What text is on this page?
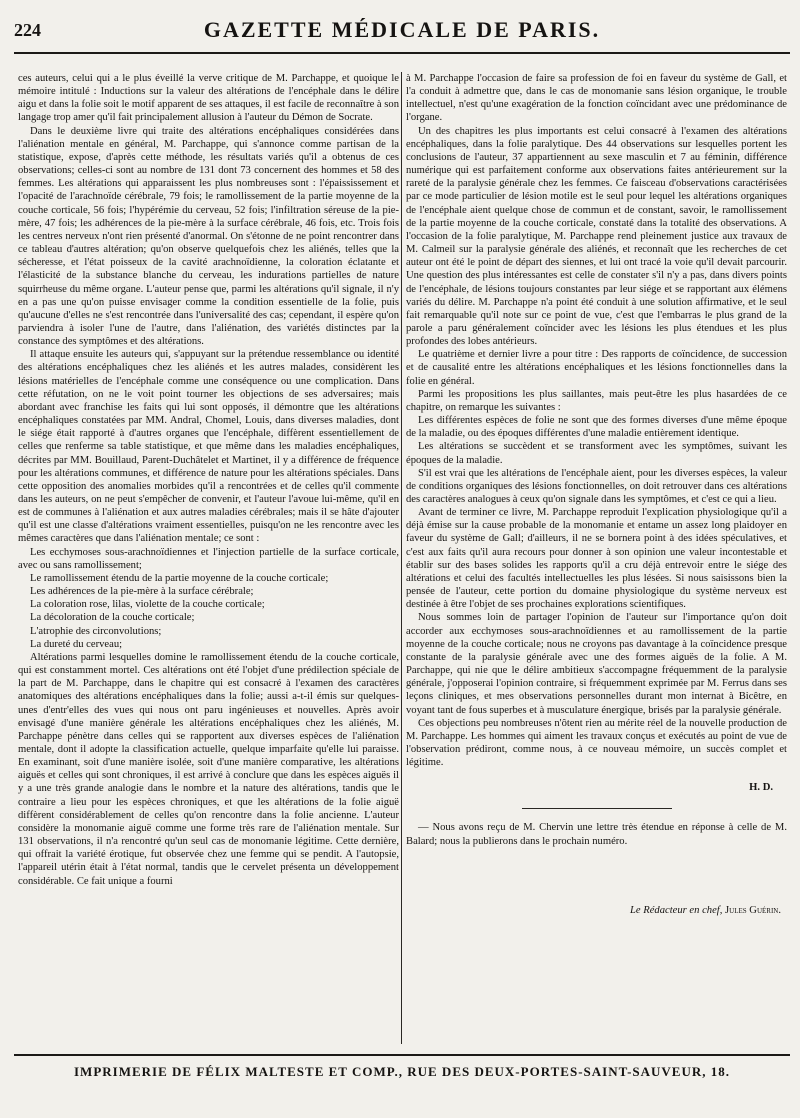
224	GAZETTE MÉDICALE DE PARIS.

ces auteurs, celui qui a le plus éveillé la verve critique de M. Parchappe, et quoique le mémoire intitulé : Inductions sur la valeur des altérations de l'encéphale dans le délire aigu et dans la folie soit le motif apparent de ses attaques, il est facile de reconnaître à son langage trop amer qu'il fait principalement allusion à l'auteur du Démon de Socrate.

Dans le deuxième livre qui traite des altérations encéphaliques considérées dans l'aliénation mentale en général, M. Parchappe, qui s'annonce comme partisan de la statistique, expose, d'après cette méthode, les résultats variés qu'il a obtenus de ces observations; celles-ci sont au nombre de 131 dont 73 concernent des hommes et 58 des femmes. Les altérations qui apparaissent les plus nombreuses sont : l'épaississement et l'opacité de l'arachnoïde cérébrale, 79 fois; le ramollissement de la partie moyenne de la couche corticale, 56 fois; l'hypérémie du cerveau, 52 fois; l'infiltration séreuse de la pie-mère, 47 fois; les adhérences de la pie-mère à la surface cérébrale, 46 fois, etc. Trois fois les centres nerveux n'ont rien présenté d'anormal. On s'étonne de ne point rencontrer dans ce tableau d'autres altération; qu'on observe quelquefois chez les aliénés, telles que la sécheresse, et l'état poisseux de la cavité arachnoïdienne, la coloration éclatante et l'élasticité de la substance blanche du cerveau, les indurations partielles de nature squirrheuse du même organe. L'auteur pense que, parmi les altérations qu'il signale, il n'y en a pas une qu'on puisse envisager comme la condition essentielle de la folie, puis qu'aucune d'elles ne s'est rencontrée dans l'universalité des cas; cependant, il espère qu'on parviendra à isoler l'une de l'autre, dans l'aliénation, des variétés distinctes par la constance des symptômes et des altérations.

Il attaque ensuite les auteurs qui, s'appuyant sur la prétendue ressemblance ou identité des altérations encéphaliques chez les aliénés et les autres malades, considèrent les lésions matérielles de l'encéphale comme une conséquence ou une complication. Dans cette réfutation, on ne le voit point tourner les objections de ses adversaires; mais abordant avec franchise les faits qui lui sont opposés, il démontre que les altérations encéphaliques constatées par MM. Andral, Chomel, Louis, dans diverses maladies, dont le siége était rapporté à d'autres organes que l'encéphale, diffèrent essentiellement de celles que renferme sa table statistique, et que même dans les maladies encéphaliques, décrites par MM. Bouillaud, Parent-Duchâtelet et Martinet, il y a différence de fréquence pour les altérations communes, et différence de nature pour les altérations spéciales. Dans cette opposition des anomalies morbides qu'il a rencontrées et de celles qu'il commente dans les auteurs, on ne peut s'empêcher de convenir, et l'auteur l'avoue lui-même, qu'il en est de communes à l'aliénation et aux autres maladies cérébrales; mais il se hâte d'ajouter qu'il est une classe d'altérations vraiment essentielles, puisqu'on ne les rencontre avec les mêmes caractères que dans l'aliénation mentale; ce sont :

Les ecchymoses sous-arachnoïdiennes et l'injection partielle de la surface corticale, avec ou sans ramollissement;
Le ramollissement étendu de la partie moyenne de la couche corticale;
Les adhérences de la pie-mère à la surface cérébrale;
La coloration rose, lilas, violette de la couche corticale;
La décoloration de la couche corticale;
L'atrophie des circonvolutions;
La dureté du cerveau;

Altérations parmi lesquelles domine le ramollissement étendu de la couche corticale, qui est constamment mortel. Ces altérations ont été l'objet d'une prédilection spéciale de la part de M. Parchappe, dans le chapitre qui est consacré à l'examen des caractères anatomiques des altérations encéphaliques dans la folie; aussi a-t-il émis sur quelques-unes d'entr'elles des vues qui nous ont paru ingénieuses et nouvelles. Après avoir envisagé d'une manière générale les altérations encéphaliques chez les aliénés, M. Parchappe pénètre dans celles qui se rapportent aux diverses espèces de l'aliénation mentale, dont il adopte la classification actuelle, quelque imparfaite qu'elle lui paraisse. En examinant, soit d'une manière isolée, soit d'une manière comparative, les altérations aiguës et celles qui sont chroniques, il est arrivé à conclure que dans les espèces aiguës il y a une très grande analogie dans le nombre et la nature des altérations, tandis que le contraire a lieu pour les espèces chroniques, et que les altérations de la folie aiguë diffèrent considérablement de celles qu'on rencontre dans la folie ancienne. L'auteur considère la monomanie aiguë comme une forme très rare de l'aliénation mentale. Sur 131 observations, il n'a rencontré qu'un seul cas de monomanie légitime. Cette dernière, qui offrait la variété érotique, fut observée chez une femme qui se pendit. A l'autopsie, l'appareil utérin était à l'état normal, tandis que le cervelet présenta un développement considérable. Ce fait unique a fourni

à M. Parchappe l'occasion de faire sa profession de foi en faveur du système de Gall, et l'a conduit à admettre que, dans le cas de monomanie sans lésion organique, le trouble intellectuel, n'est qu'une exagération de la fonction coïncidant avec une prédominance de l'organe.

Un des chapitres les plus importants est celui consacré à l'examen des altérations encéphaliques, dans la folie paralytique. Des 44 observations sur lesquelles portent les conclusions de l'auteur, 37 appartiennent au sexe masculin et 7 au féminin, différence numérique qui est parfaitement conforme aux observations faites antérieurement sur la rareté de la paralysie générale chez les femmes. Ce faisceau d'observations caractérisées par ce mode particulier de lésion motile est le seul pour lequel les altérations organiques de l'encéphale aient quelque chose de commun et de constant, savoir, le ramollissement de la partie moyenne de la couche corticale, constaté dans la totalité des observations. A l'occasion de la folie paralytique, M. Parchappe rend pleinement justice aux travaux de M. Calmeil sur la paralysie générale des aliénés, et reconnaît que les recherches de cet auteur ont été le point de départ des siennes, et lui ont tracé la voie qu'il devait parcourir. Une question des plus intéressantes est celle de constater s'il n'y a pas, dans divers points de l'encéphale, de lésions toujours constantes par leur siége et se rapportant aux élémens variés du délire. M. Parchappe n'a point été conduit à une solution affirmative, et le seul fait remarquable qu'il note sur ce point de vue, c'est que l'embarras le plus grand de la parole a paru généralement coïncider avec les lésions les plus étendues et les plus profondes des lobes antérieurs.

Le quatrième et dernier livre a pour titre : Des rapports de coïncidence, de succession et de causalité entre les altérations encéphaliques et les lésions fonctionnelles dans la folie en général.

Parmi les propositions les plus saillantes, mais peut-être les plus hasardées de ce chapitre, on remarque les suivantes :

Les différentes espèces de folie ne sont que des formes diverses d'une même époque de la maladie, ou des époques différentes d'une maladie entièrement identique.

Les altérations se succèdent et se transforment avec les symptômes, suivant les époques de la maladie.

S'il est vrai que les altérations de l'encéphale aient, pour les diverses espèces, la valeur de conditions organiques des lésions fonctionnelles, on doit retrouver dans ces altérations des caractères analogues à ceux qu'on signale dans les symptômes, et c'est ce qui a lieu.

Avant de terminer ce livre, M. Parchappe reproduit l'explication physiologique qu'il a déjà émise sur la cause probable de la monomanie et entame un assez long plaidoyer en faveur du système de Gall; d'ailleurs, il ne se bornera point à des idées spéculatives, et c'est aux faits qu'il aura recours pour donner à son opinion une valeur incontestable et établir sur des bases solides les rapports qu'il a cru déjà entrevoir entre le siége des altérations et celui des facultés intellectuelles les plus lésées. Si nous saisissons bien la pensée de l'auteur, cette portion du domaine physiologique du système nerveux est destinée à être l'objet de ses prochaines explorations scientifiques.

Nous sommes loin de partager l'opinion de l'auteur sur l'importance qu'on doit accorder aux ecchymoses sous-arachnoïdiennes et au ramollissement de la partie moyenne de la couche corticale; nous ne croyons pas davantage à la coïncidence presque constante de la paralysie générale avec une des formes aiguës de la folie. A M. Parchappe, qui nie que le délire ambitieux s'accompagne fréquemment de la paralysie générale, j'opposerai l'opinion contraire, si fréquemment exprimée par M. Ferrus dans ses leçons cliniques, et mes observations personnelles durant mon internat à Bicêtre, en voyant tant de fous superbes et à musculature énergique, brisés par la paralysie générale.

Ces objections peu nombreuses n'ôtent rien au mérite réel de la nouvelle production de M. Parchappe. Les hommes qui aiment les travaux conçus et exécutés au point de vue de l'observation prédiront, comme nous, à ce nouveau mémoire, un succès complet et légitime.

H. D.

— Nous avons reçu de M. Chervin une lettre très étendue en réponse à celle de M. Balard; nous la publierons dans le prochain numéro.

Le Rédacteur en chef, Jules Guérin.

IMPRIMERIE DE FÉLIX MALTESTE ET COMP., RUE DES DEUX-PORTES-SAINT-SAUVEUR, 18.
